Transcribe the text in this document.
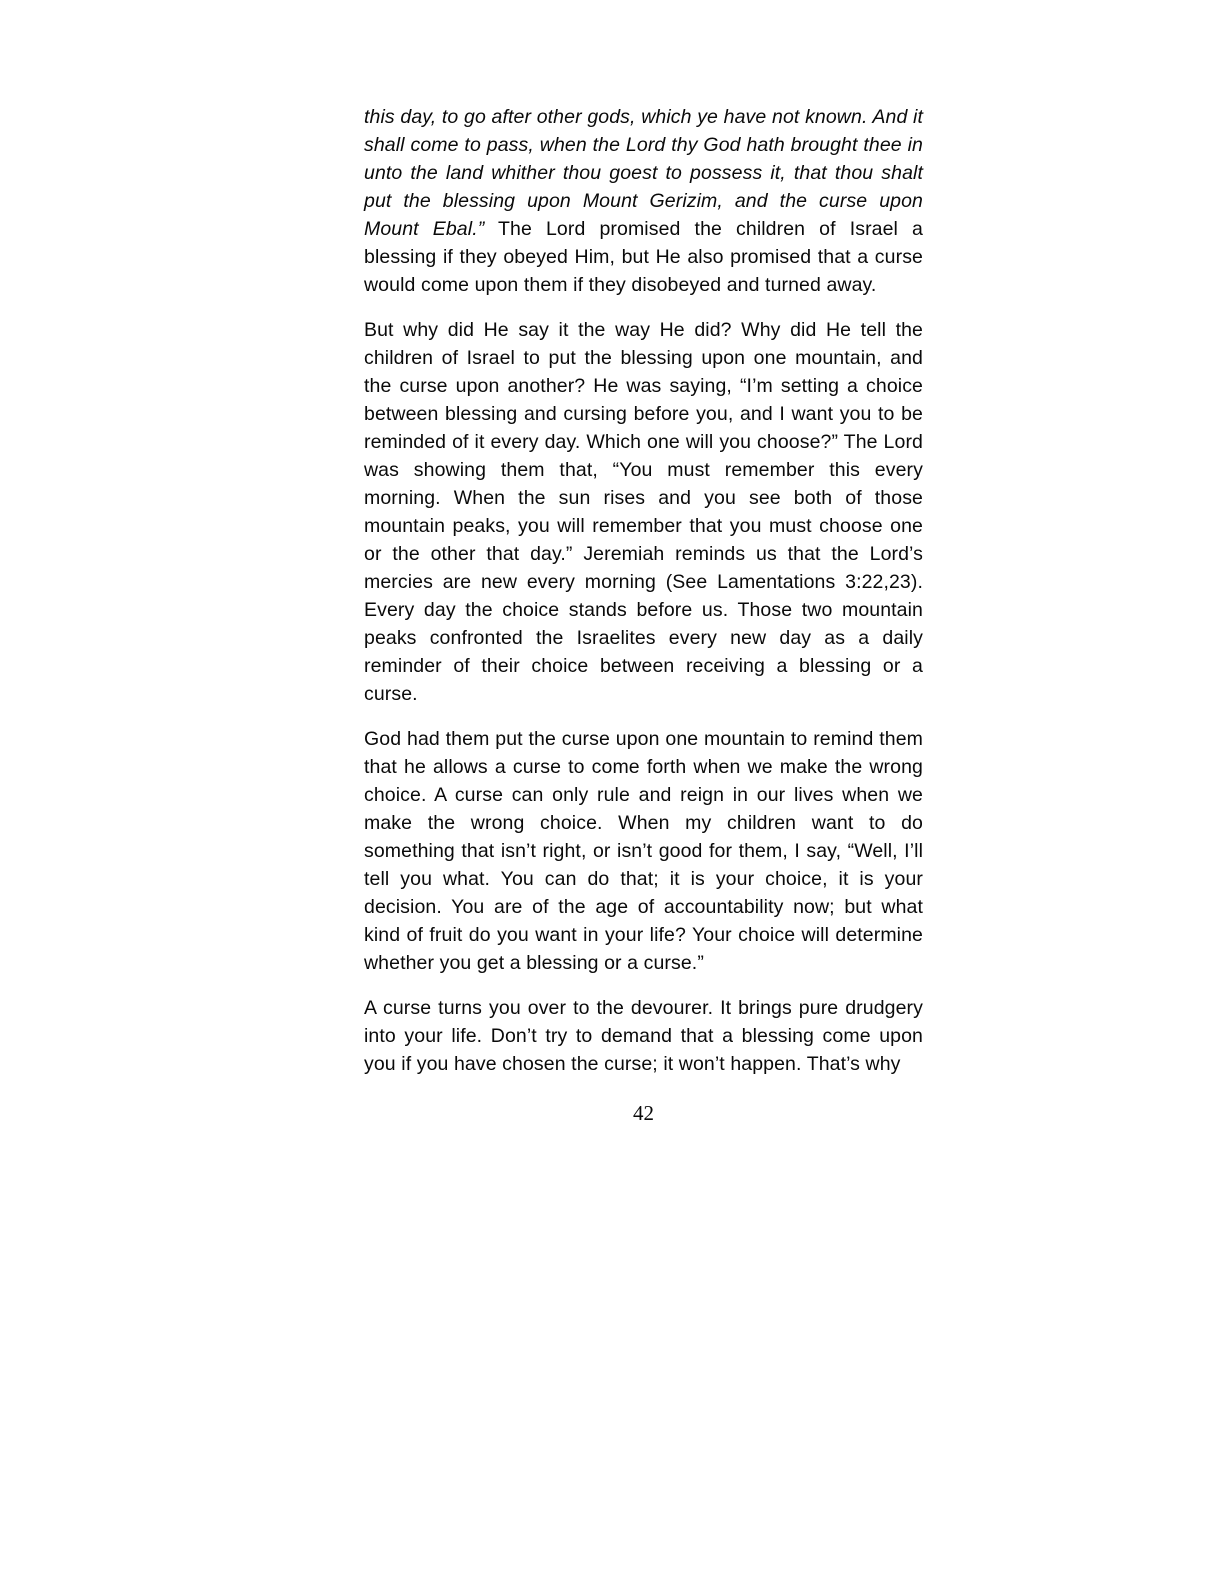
this day, to go after other gods, which ye have not known. And it shall come to pass, when the Lord thy God hath brought thee in unto the land whither thou goest to possess it, that thou shalt put the blessing upon Mount Gerizim, and the curse upon Mount Ebal.” The Lord promised the children of Israel a blessing if they obeyed Him, but He also promised that a curse would come upon them if they disobeyed and turned away.

But why did He say it the way He did? Why did He tell the children of Israel to put the blessing upon one mountain, and the curse upon another? He was saying, “I’m setting a choice between blessing and cursing before you, and I want you to be reminded of it every day. Which one will you choose?” The Lord was showing them that, “You must remember this every morning. When the sun rises and you see both of those mountain peaks, you will remember that you must choose one or the other that day.” Jeremiah reminds us that the Lord’s mercies are new every morning (See Lamentations 3:22,23). Every day the choice stands before us. Those two mountain peaks confronted the Israelites every new day as a daily reminder of their choice between receiving a blessing or a curse.

God had them put the curse upon one mountain to remind them that he allows a curse to come forth when we make the wrong choice. A curse can only rule and reign in our lives when we make the wrong choice. When my children want to do something that isn’t right, or isn’t good for them, I say, “Well, I’ll tell you what. You can do that; it is your choice, it is your decision. You are of the age of accountability now; but what kind of fruit do you want in your life? Your choice will determine whether you get a blessing or a curse.”

A curse turns you over to the devourer. It brings pure drudgery into your life. Don’t try to demand that a blessing come upon you if you have chosen the curse; it won’t happen. That’s why

42
